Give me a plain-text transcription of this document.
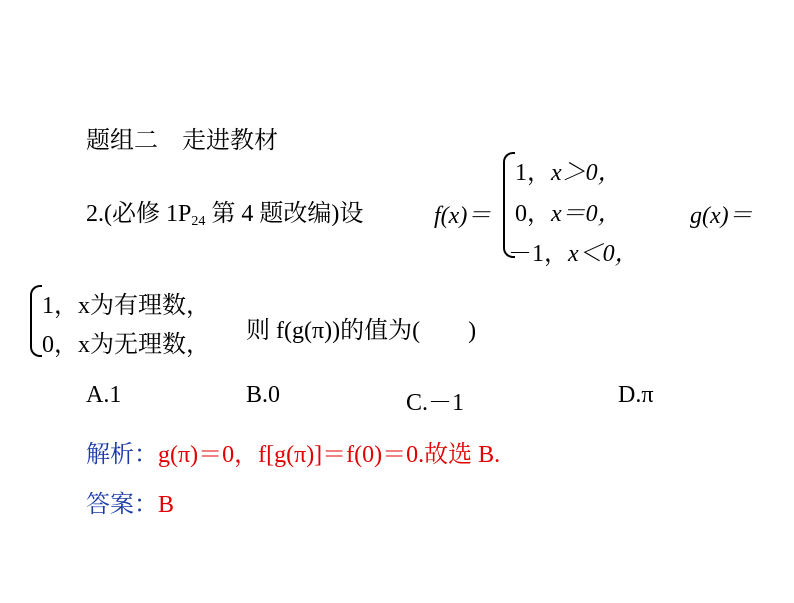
题组二　走进教材
2.(必修 $1P_{24}$ 第 4 题改编)设	f(x)＝
1，x＞0，
0，x＝0，
－1，x＜0，
g(x)＝
1，x为有理数，
0，x为无理数，
则 f(g(π))的值为(　　)
A.1	B.0	C.－1	D.π
解析：g(π)＝0，f[g(π)]＝f(0)＝0.故选 B.
答案：B
